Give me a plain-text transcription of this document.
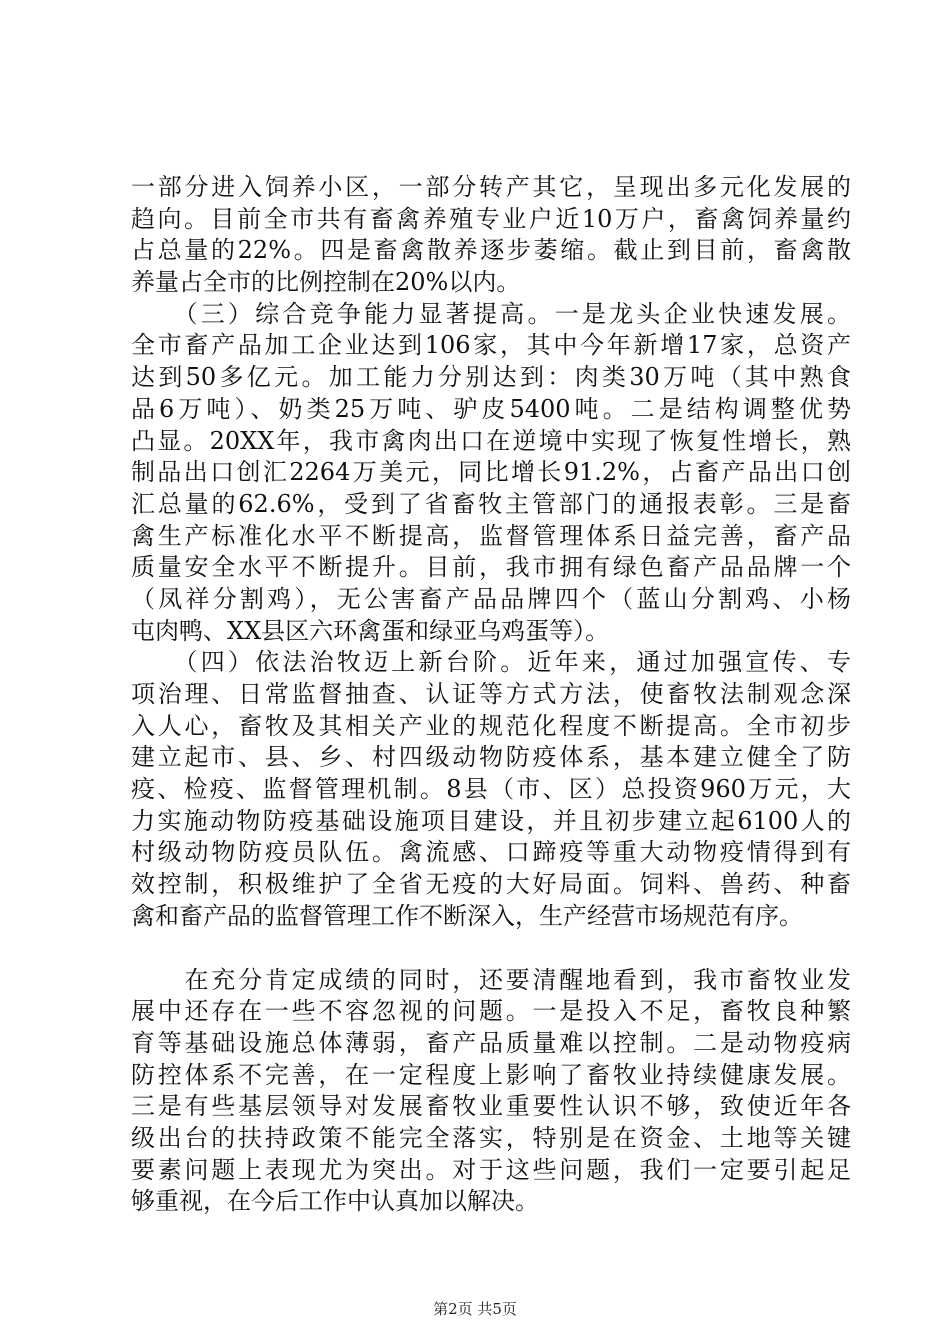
一部分进入饲养小区，一部分转产其它，呈现出多元化发展的
趋向。目前全市共有畜禽养殖专业户近10万户，畜禽饲养量约
占总量的22%。四是畜禽散养逐步萎缩。截止到目前，畜禽散
养量占全市的比例控制在20%以内。
　　（三）综合竞争能力显著提高。一是龙头企业快速发展。
全市畜产品加工企业达到106家，其中今年新增17家，总资产
达到50多亿元。加工能力分别达到：肉类30万吨（其中熟食
品6万吨）、奶类25万吨、驴皮5400吨。二是结构调整优势
凸显。20XX年，我市禽肉出口在逆境中实现了恢复性增长，熟
制品出口创汇2264万美元，同比增长91.2%，占畜产品出口创
汇总量的62.6%，受到了省畜牧主管部门的通报表彰。三是畜
禽生产标准化水平不断提高，监督管理体系日益完善，畜产品
质量安全水平不断提升。目前，我市拥有绿色畜产品品牌一个
（凤祥分割鸡），无公害畜产品品牌四个（蓝山分割鸡、小杨
屯肉鸭、XX县区六环禽蛋和绿亚乌鸡蛋等）。
　　（四）依法治牧迈上新台阶。近年来，通过加强宣传、专
项治理、日常监督抽查、认证等方式方法，使畜牧法制观念深
入人心，畜牧及其相关产业的规范化程度不断提高。全市初步
建立起市、县、乡、村四级动物防疫体系，基本建立健全了防
疫、检疫、监督管理机制。8县（市、区）总投资960万元，大
力实施动物防疫基础设施项目建设，并且初步建立起6100人的
村级动物防疫员队伍。禽流感、口蹄疫等重大动物疫情得到有
效控制，积极维护了全省无疫的大好局面。饲料、兽药、种畜
禽和畜产品的监督管理工作不断深入，生产经营市场规范有序。
　　在充分肯定成绩的同时，还要清醒地看到，我市畜牧业发
展中还存在一些不容忽视的问题。一是投入不足，畜牧良种繁
育等基础设施总体薄弱，畜产品质量难以控制。二是动物疫病
防控体系不完善，在一定程度上影响了畜牧业持续健康发展。
三是有些基层领导对发展畜牧业重要性认识不够，致使近年各
级出台的扶持政策不能完全落实，特别是在资金、土地等关键
要素问题上表现尤为突出。对于这些问题，我们一定要引起足
够重视，在今后工作中认真加以解决。
第2页 共5页
